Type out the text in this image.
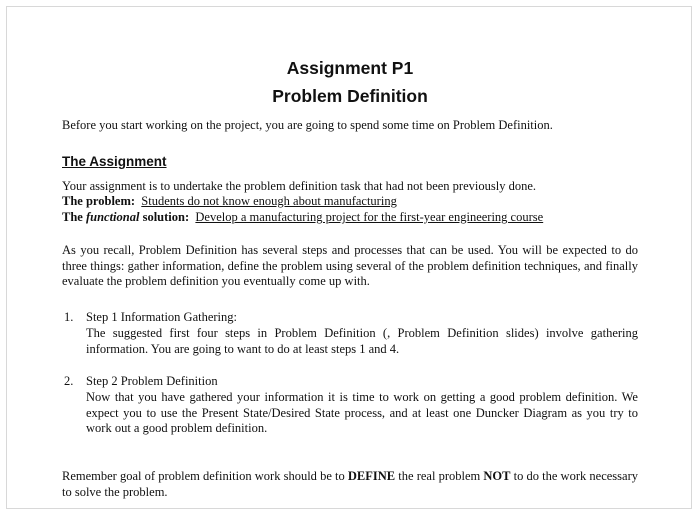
Assignment P1
Problem Definition
Before you start working on the project, you are going to spend some time on Problem Definition.
The Assignment
Your assignment is to undertake the problem definition task that had not been previously done.
The problem: Students do not know enough about manufacturing
The functional solution: Develop a manufacturing project for the first-year engineering course
As you recall, Problem Definition has several steps and processes that can be used. You will be expected to do three things: gather information, define the problem using several of the problem definition techniques, and finally evaluate the problem definition you eventually come up with.
1. Step 1 Information Gathering:
The suggested first four steps in Problem Definition (, Problem Definition slides) involve gathering information. You are going to want to do at least steps 1 and 4.
2. Step 2 Problem Definition
Now that you have gathered your information it is time to work on getting a good problem definition. We expect you to use the Present State/Desired State process, and at least one Duncker Diagram as you try to work out a good problem definition.
Remember goal of problem definition work should be to DEFINE the real problem NOT to do the work necessary to solve the problem.
